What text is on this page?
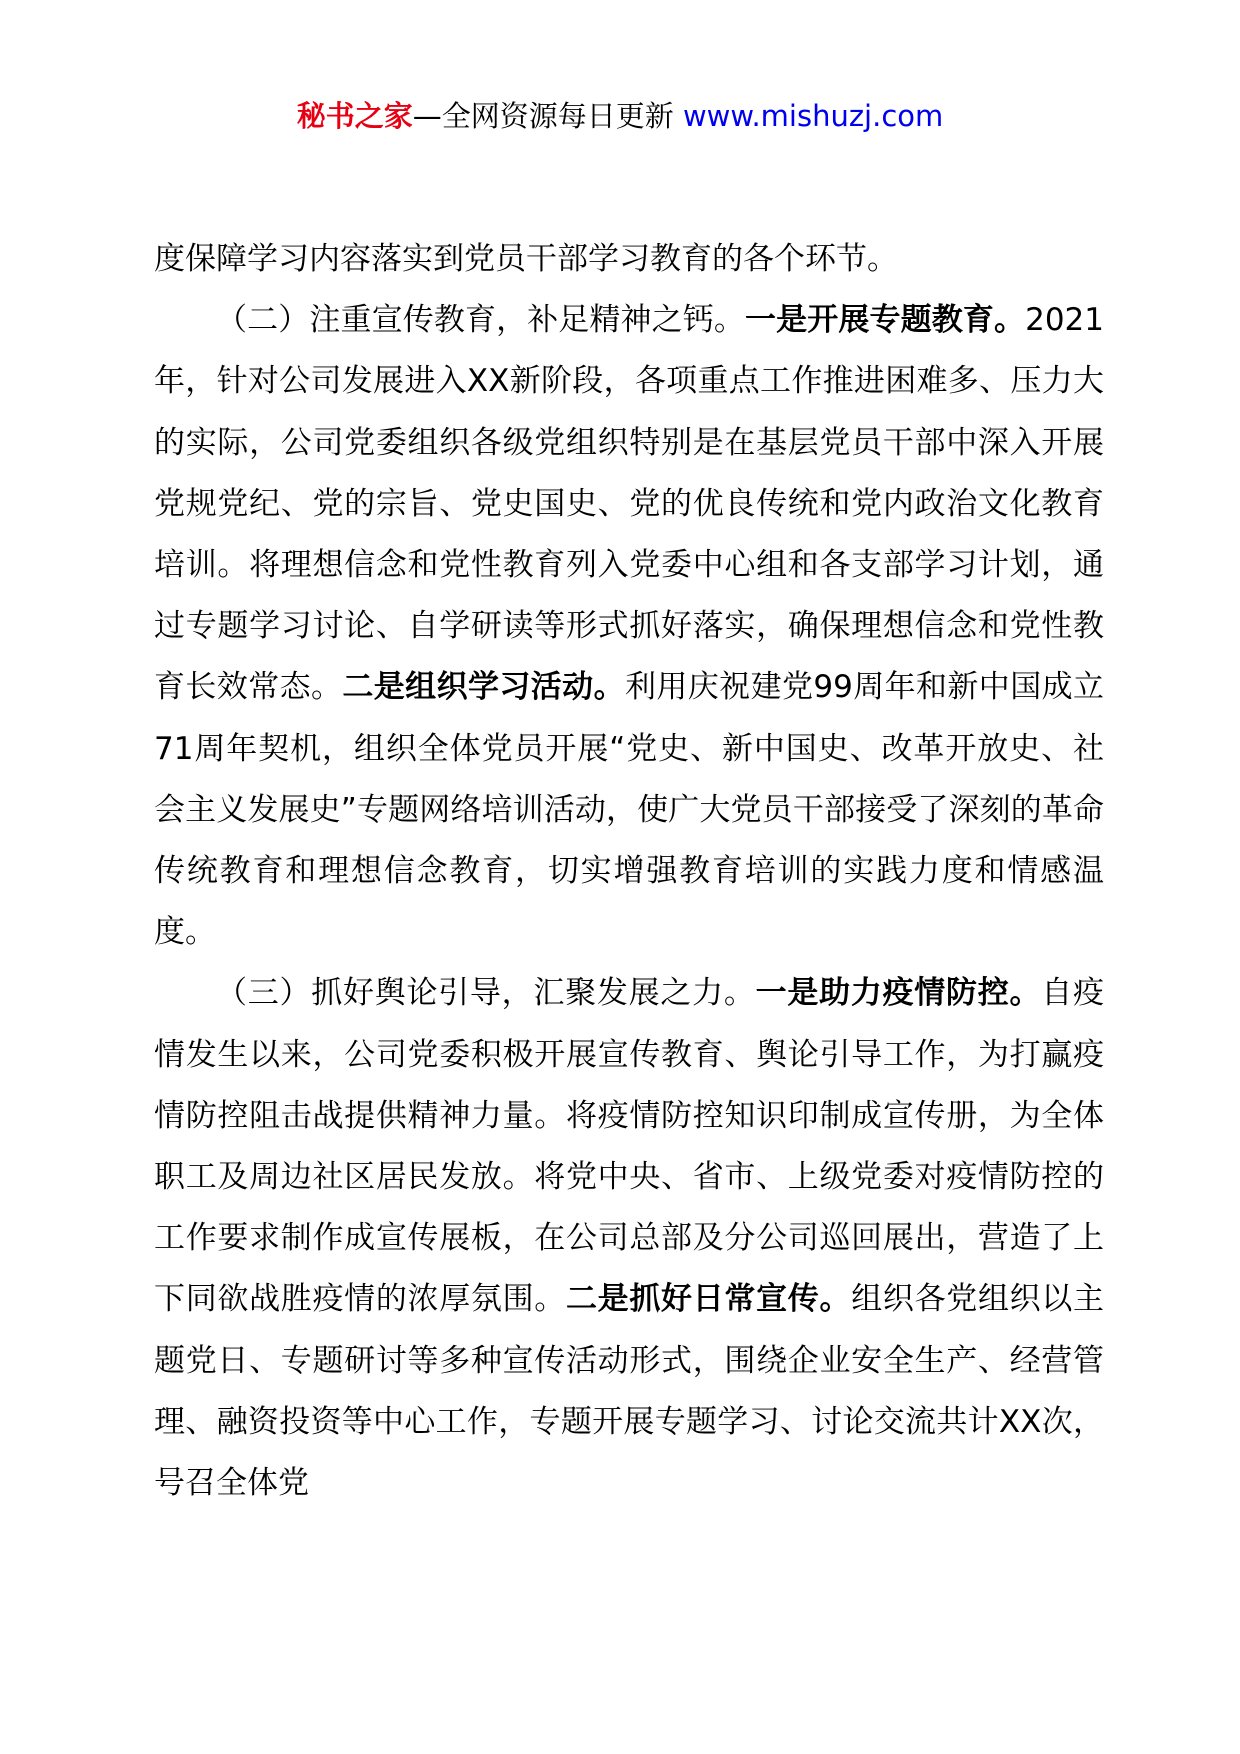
秘书之家—全网资源每日更新 www.mishuzj.com

度保障学习内容落实到党员干部学习教育的各个环节。

（二）注重宣传教育，补足精神之钙。一是开展专题教育。2021年，针对公司发展进入XX新阶段，各项重点工作推进困难多、压力大的实际，公司党委组织各级党组织特别是在基层党员干部中深入开展党规党纪、党的宗旨、党史国史、党的优良传统和党内政治文化教育培训。将理想信念和党性教育列入党委中心组和各支部学习计划，通过专题学习讨论、自学研读等形式抓好落实，确保理想信念和党性教育长效常态。二是组织学习活动。利用庆祝建党99周年和新中国成立71周年契机，组织全体党员开展“党史、新中国史、改革开放史、社会主义发展史”专题网络培训活动，使广大党员干部接受了深刻的革命传统教育和理想信念教育，切实增强教育培训的实践力度和情感温度。

（三）抓好舆论引导，汇聚发展之力。一是助力疫情防控。自疫情发生以来，公司党委积极开展宣传教育、舆论引导工作，为打赢疫情防控阻击战提供精神力量。将疫情防控知识印制成宣传册，为全体职工及周边社区居民发放。将党中央、省市、上级党委对疫情防控的工作要求制作成宣传展板，在公司总部及分公司巡回展出，营造了上下同欲战胜疫情的浓厚氛围。二是抓好日常宣传。组织各党组织以主题党日、专题研讨等多种宣传活动形式，围绕企业安全生产、经营管理、融资投资等中心工作，专题开展专题学习、讨论交流共计XX次，号召全体党
